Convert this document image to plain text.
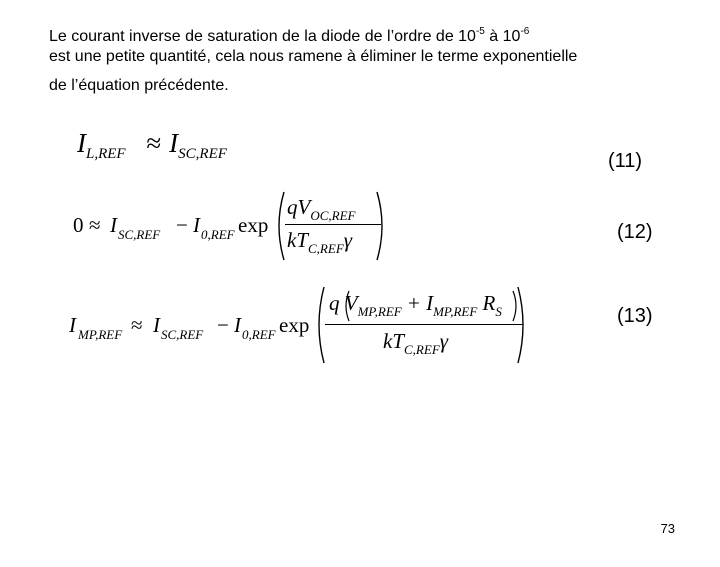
Le courant inverse de saturation de la diode de l’ordre de $10^{-5}$ à $10^{-6}$
est une petite quantité, cela nous ramene à éliminer le terme exponentielle
de l’équation précédente.
$I_{L,REF} \approx I_{SC,REF}$	(11)
0 ≈ I SC,REF − I 0,REF exp
$qV_{OC,REF}$
$kT_{C,REF}\gamma$	(12)
I MP,REF ≈ I SC,REF − I 0,REF exp
q $V_{MP,REF} + I_{MP,REF}$ $R_S$
$kT_{C,REF}\gamma$
(13)
73
